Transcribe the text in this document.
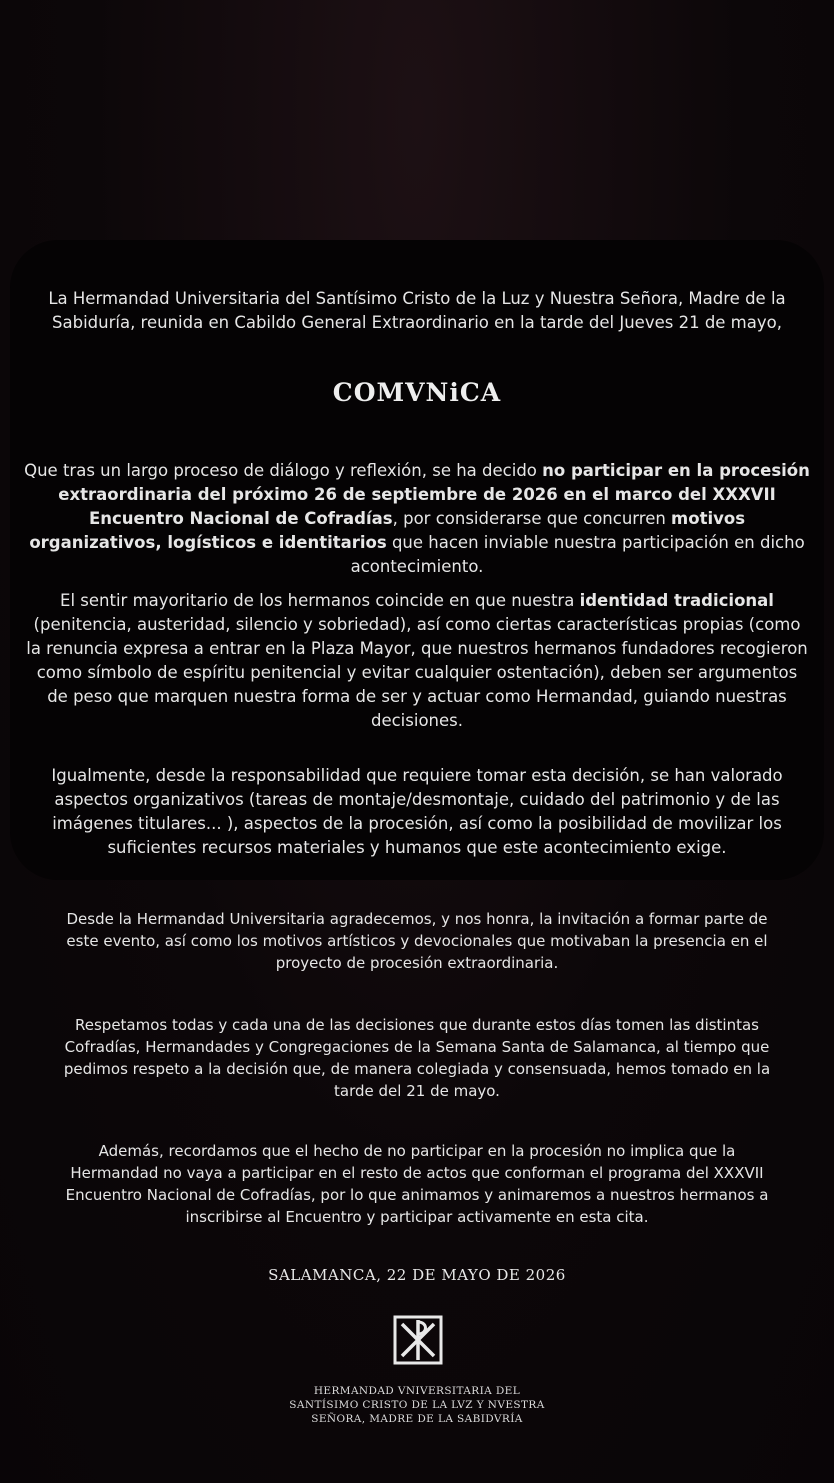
La Hermandad Universitaria del Santísimo Cristo de la Luz y Nuestra Señora, Madre de la
Sabiduría, reunida en Cabildo General Extraordinario en la tarde del Jueves 21 de mayo,
COMVNiCA

Que tras un largo proceso de diálogo y reflexión, se ha decido no participar en la procesión extraordinaria del próximo 26 de septiembre de 2026 en el marco del XXXVII Encuentro Nacional de Cofradías, por considerarse que concurren motivos organizativos, logísticos e identitarios que hacen inviable nuestra participación en dicho acontecimiento.

El sentir mayoritario de los hermanos coincide en que nuestra identidad tradicional (penitencia, austeridad, silencio y sobriedad), así como ciertas características propias (como la renuncia expresa a entrar en la Plaza Mayor, que nuestros hermanos fundadores recogieron como símbolo de espíritu penitencial y evitar cualquier ostentación), deben ser argumentos de peso que marquen nuestra forma de ser y actuar como Hermandad, guiando nuestras decisiones.

Igualmente, desde la responsabilidad que requiere tomar esta decisión, se han valorado aspectos organizativos (tareas de montaje/desmontaje, cuidado del patrimonio y de las imágenes titulares... ), aspectos de la procesión, así como la posibilidad de movilizar los suficientes recursos materiales y humanos que este acontecimiento exige.

Desde la Hermandad Universitaria agradecemos, y nos honra, la invitación a formar parte de este evento, así como los motivos artísticos y devocionales que motivaban la presencia en el proyecto de procesión extraordinaria.

Respetamos todas y cada una de las decisiones que durante estos días tomen las distintas Cofradías, Hermandades y Congregaciones de la Semana Santa de Salamanca, al tiempo que pedimos respeto a la decisión que, de manera colegiada y consensuada, hemos tomado en la tarde del 21 de mayo.

Además, recordamos que el hecho de no participar en la procesión no implica que la Hermandad no vaya a participar en el resto de actos que conforman el programa del XXXVII Encuentro Nacional de Cofradías, por lo que animamos y animaremos a nuestros hermanos a inscribirse al Encuentro y participar activamente en esta cita.

SALAMANCA, 22 DE MAYO DE 2026

HERMANDAD VNIVERSITARIA DEL
SANTÍSIMO CRISTO DE LA LVZ Y NVESTRA
SEÑORA, MADRE DE LA SABIDVRÍA
